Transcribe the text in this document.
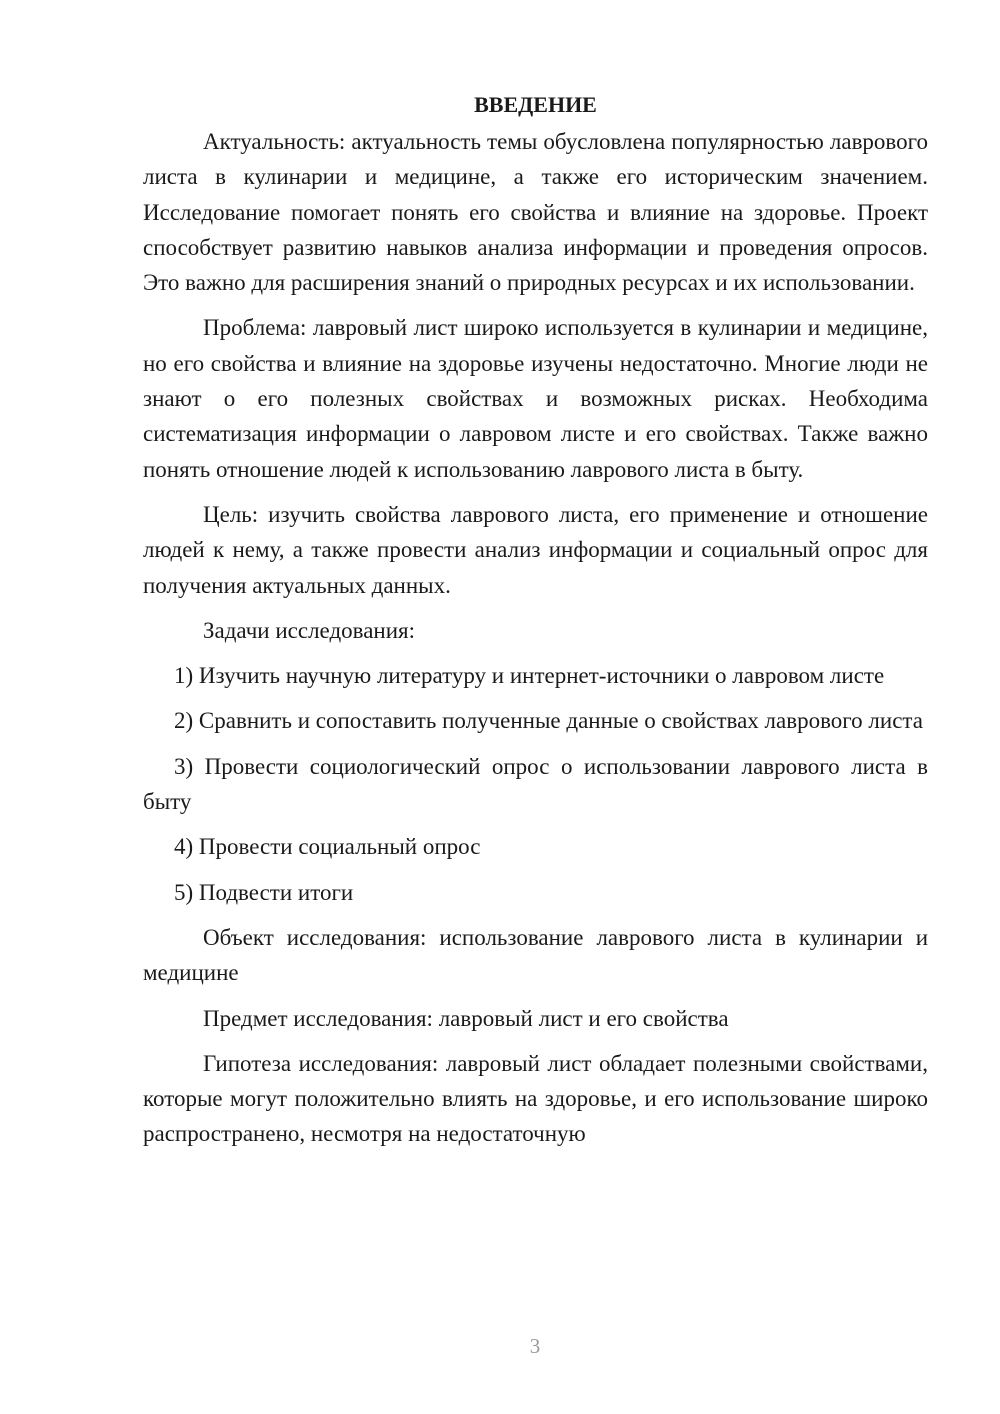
ВВЕДЕНИЕ

Актуальность: актуальность темы обусловлена популярностью лаврового листа в кулинарии и медицине, а также его историческим значением. Исследование помогает понять его свойства и влияние на здоровье. Проект способствует развитию навыков анализа информации и проведения опросов. Это важно для расширения знаний о природных ресурсах и их использовании.

Проблема: лавровый лист широко используется в кулинарии и медицине, но его свойства и влияние на здоровье изучены недостаточно. Многие люди не знают о его полезных свойствах и возможных рисках. Необходима систематизация информации о лавровом листе и его свойствах. Также важно понять отношение людей к использованию лаврового листа в быту.

Цель: изучить свойства лаврового листа, его применение и отношение людей к нему, а также провести анализ информации и социальный опрос для получения актуальных данных.

Задачи исследования:

1) Изучить научную литературу и интернет-источники о лавровом листе

2) Сравнить и сопоставить полученные данные о свойствах лаврового листа

3) Провести социологический опрос о использовании лаврового листа в быту

4) Провести социальный опрос

5) Подвести итоги

Объект исследования: использование лаврового листа в кулинарии и медицине

Предмет исследования: лавровый лист и его свойства

Гипотеза исследования: лавровый лист обладает полезными свойствами, которые могут положительно влиять на здоровье, и его использование широко распространено, несмотря на недостаточную

3
